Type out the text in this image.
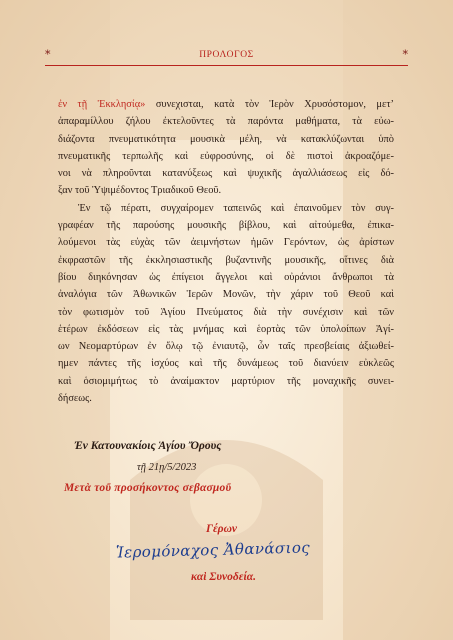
*	ΠΡΟΛΟΓΟΣ	*

ἐν τῇ Ἐκκλησίᾳ» συνεχισται, κατὰ τὸν Ἱερὸν Χρυσόστομον, μετ’
ἀπαραμίλλου ζήλου ἐκτελοῦντες τὰ παρόντα μαθήματα, τὰ εὐω-
διάζοντα πνευματικότητα μουσικὰ μέλη, νὰ κατακλύζωνται ὑπὸ
πνευματικῆς τερπωλῆς καὶ εὐφροσύνης, οἱ δὲ πιστοὶ ἀκροαζόμε-
νοι νὰ πληροῦνται κατανύξεως καὶ ψυχικῆς ἀγαλλιάσεως εἰς δό-
ξαν τοῦ Ὑψιμέδοντος Τριαδικοῦ Θεοῦ.

Ἐν τῷ πέρατι, συγχαίρομεν ταπεινῶς καὶ ἐπαινοῦμεν τὸν συγ-
γραφέαν τῆς παρούσης μουσικῆς βίβλου, καὶ αἰτούμεθα, ἐπικα-
λούμενοι τὰς εὐχὰς τῶν ἀειμνήστων ἡμῶν Γερόντων, ὡς ἀρίστων
ἐκφραστῶν τῆς ἐκκλησιαστικῆς βυζαντινῆς μουσικῆς, οἵτινες διὰ
βίου διηκόνησαν ὡς ἐπίγειοι ἄγγελοι καὶ οὐράνιοι ἄνθρωποι τὰ
ἀναλόγια τῶν Ἀθωνικῶν Ἱερῶν Μονῶν, τὴν χάριν τοῦ Θεοῦ καὶ
τὸν φωτισμὸν τοῦ Ἁγίου Πνεύματος διὰ τὴν συνέχισιν καὶ τῶν
ἑτέρων ἐκδόσεων εἰς τὰς μνήμας καὶ ἑορτὰς τῶν ὑπολοίπων Ἁγί-
ων Νεομαρτύρων ἐν ὅλῳ τῷ ἐνιαυτῷ, ὧν ταῖς πρεσβείαις ἀξιωθεί-
ημεν πάντες τῆς ἰσχύος καὶ τῆς δυνάμεως τοῦ διανύειν εὐκλεῶς
καὶ ὁσιομιμήτως τὸ ἀναίμακτον μαρτύριον τῆς μοναχικῆς συνει-
δήσεως.

Ἐν Κατουνακίοις Ἁγίου Ὄρους
τῇ 21ῃ/5/2023
Μετὰ τοῦ προσήκοντος σεβασμοῦ
Γέρων
Ἱερομόναχος Ἀθανάσιος
καὶ Συνοδεία.
